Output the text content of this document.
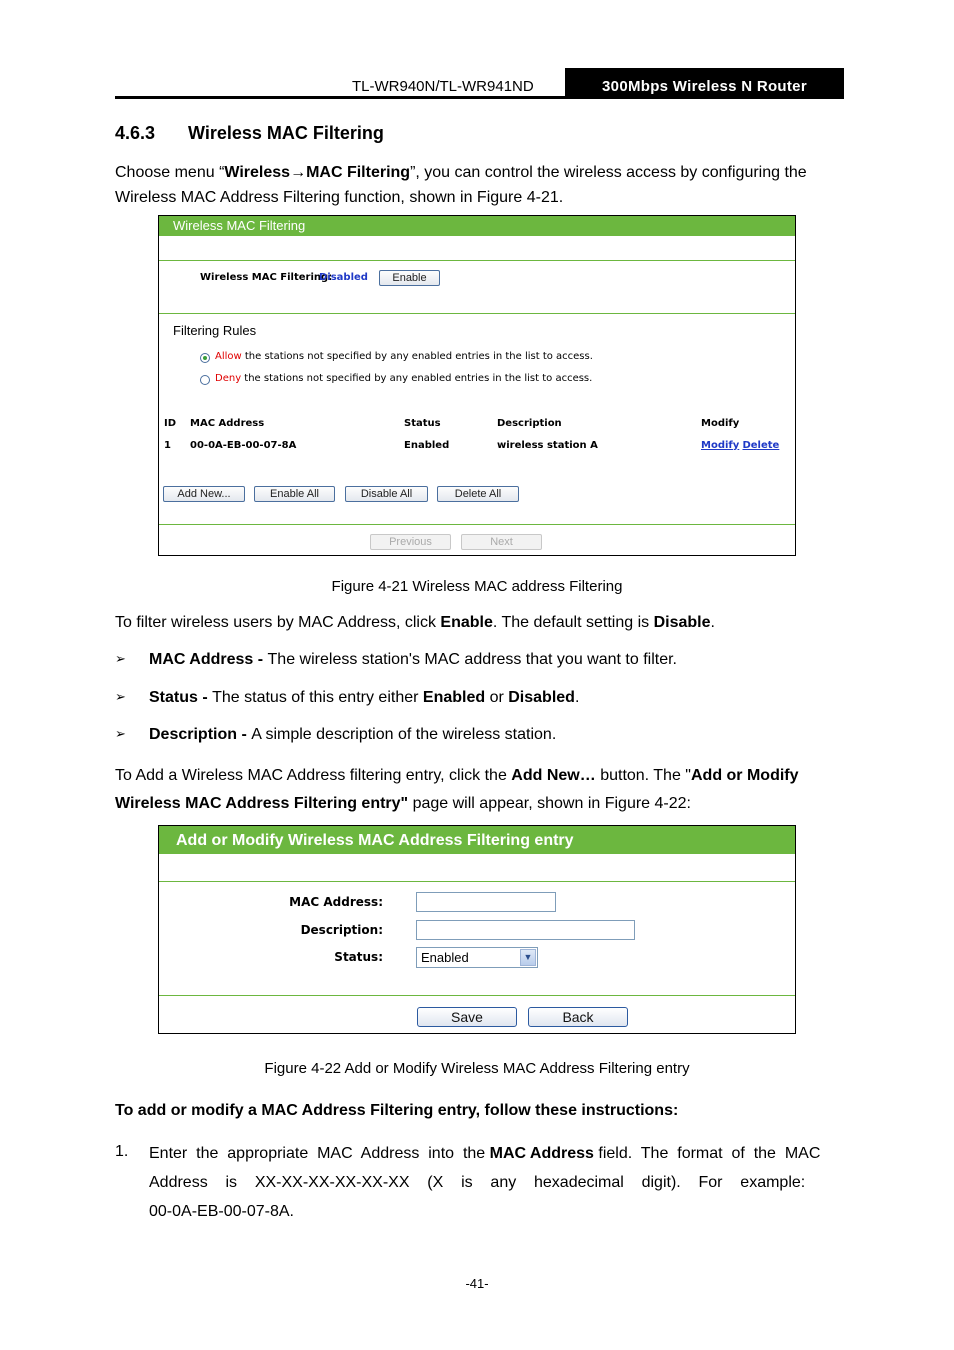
TL-WR940N/TL-WR941ND	300Mbps Wireless N Router
4.6.3 Wireless MAC Filtering
Choose menu “Wireless→MAC Filtering”, you can control the wireless access by configuring the
Wireless MAC Address Filtering function, shown in Figure 4-21.
Wireless MAC Filtering
Wireless MAC Filtering:
Disabled	Enable
Filtering Rules
Allow the stations not specified by any enabled entries in the list to access.
Deny the stations not specified by any enabled entries in the list to access.
ID MAC Address	Status	Description	Modify
1 00-0A-EB-00-07-8A	Enabled	wireless station A	Modify Delete
Add New...	Enable All	Disable All	Delete All
Previous	Next
Figure 4-21 Wireless MAC address Filtering
To filter wireless users by MAC Address, click Enable. The default setting is Disable.
➢ MAC Address - The wireless station's MAC address that you want to filter.
➢ Status - The status of this entry either Enabled or Disabled.
➢ Description - A simple description of the wireless station.
To Add a Wireless MAC Address filtering entry, click the Add New… button. The "Add or Modify
Wireless MAC Address Filtering entry" page will appear, shown in Figure 4-22:
Add or Modify Wireless MAC Address Filtering entry
MAC Address:
Description:
Status:	Enabled	▼
Save	Back
Figure 4-22 Add or Modify Wireless MAC Address Filtering entry
To add or modify a MAC Address Filtering entry, follow these instructions:
1. Enter  the  appropriate  MAC  Address  into  the MAC Address field.  The  format  of  the  MAC
Address    is    XX-XX-XX-XX-XX-XX    (X    is    any    hexadecimal    digit).    For    example:
00-0A-EB-00-07-8A.
-41-
